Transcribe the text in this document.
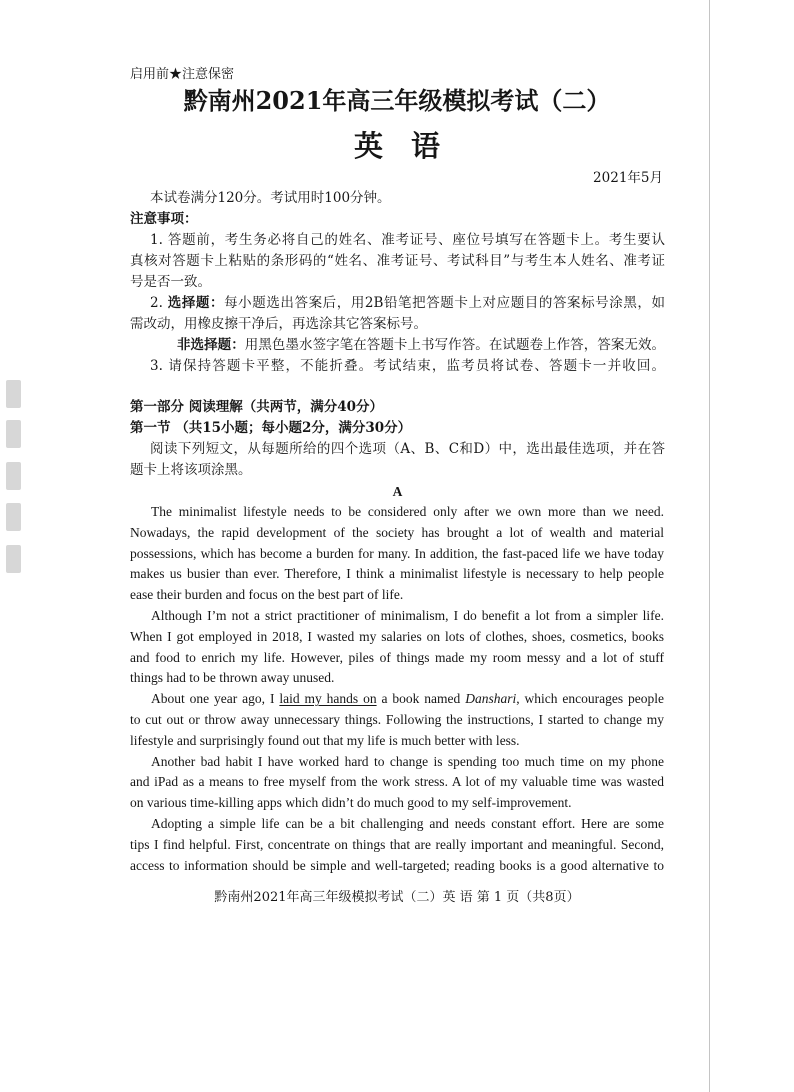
启用前★注意保密
黔南州2021年高三年级模拟考试（二）
英 语
2021年5月
本试卷满分120分。考试用时100分钟。
注意事项：
1. 答题前，考生务必将自己的姓名、准考证号、座位号填写在答题卡上。考生要认
真核对答题卡上粘贴的条形码的“姓名、准考证号、考试科目”与考生本人姓名、准考证
号是否一致。
2. 选择题：每小题选出答案后，用2B铅笔把答题卡上对应题目的答案标号涂黑，如
需改动，用橡皮擦干净后，再选涂其它答案标号。
非选择题：用黑色墨水签字笔在答题卡上书写作答。在试题卷上作答，答案无效。
3. 请保持答题卡平整，不能折叠。考试结束，监考员将试卷、答题卡一并收回。
第一部分 阅读理解（共两节，满分40分）
第一节 （共15小题；每小题2分，满分30分）
阅读下列短文，从每题所给的四个选项（A、B、C和D）中，选出最佳选项，并在答
题卡上将该项涂黑。
A
The minimalist lifestyle needs to be considered only after we own more than we need.
Nowadays, the rapid development of the society has brought a lot of wealth and material
possessions, which has become a burden for many. In addition, the fast-paced life we have today
makes us busier than ever. Therefore, I think a minimalist lifestyle is necessary to help people
ease their burden and focus on the best part of life.
Although I’m not a strict practitioner of minimalism, I do benefit a lot from a simpler life.
When I got employed in 2018, I wasted my salaries on lots of clothes, shoes, cosmetics, books
and food to enrich my life. However, piles of things made my room messy and a lot of stuff
things had to be thrown away unused.
About one year ago, I laid my hands on a book named Danshari, which encourages people
to cut out or throw away unnecessary things. Following the instructions, I started to change my
lifestyle and surprisingly found out that my life is much better with less.
Another bad habit I have worked hard to change is spending too much time on my phone
and iPad as a means to free myself from the work stress. A lot of my valuable time was wasted
on various time-killing apps which didn’t do much good to my self-improvement.
Adopting a simple life can be a bit challenging and needs constant effort. Here are some
tips I find helpful. First, concentrate on things that are really important and meaningful. Second,
access to information should be simple and well-targeted; reading books is a good alternative to
黔南州2021年高三年级模拟考试（二）英 语 第 1 页（共8页）
